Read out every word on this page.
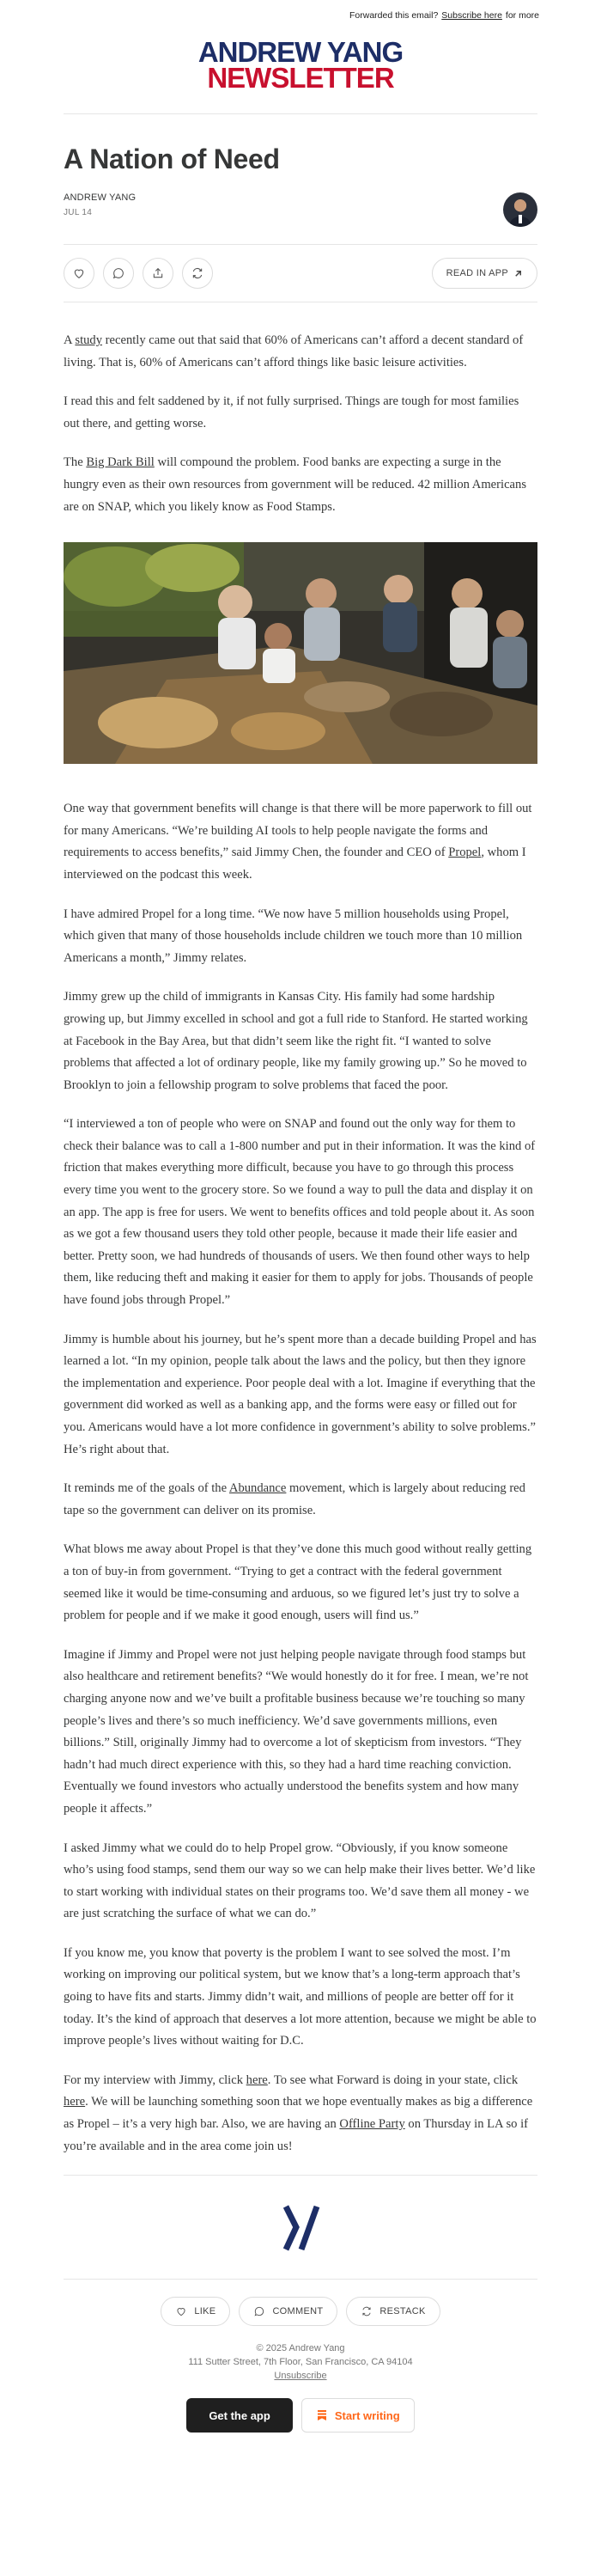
Forwarded this email? Subscribe here for more
ANDREW YANG
NEWSLETTER
A Nation of Need
ANDREW YANG
JUL 14
READ IN APP

A study recently came out that said that 60% of Americans can’t afford a decent standard of living. That is, 60% of Americans can’t afford things like basic leisure activities.

I read this and felt saddened by it, if not fully surprised. Things are tough for most families out there, and getting worse.

The Big Dark Bill will compound the problem. Food banks are expecting a surge in the hungry even as their own resources from government will be reduced. 42 million Americans are on SNAP, which you likely know as Food Stamps.

One way that government benefits will change is that there will be more paperwork to fill out for many Americans. “We’re building AI tools to help people navigate the forms and requirements to access benefits,” said Jimmy Chen, the founder and CEO of Propel, whom I interviewed on the podcast this week.

I have admired Propel for a long time. “We now have 5 million households using Propel, which given that many of those households include children we touch more than 10 million Americans a month,” Jimmy relates.

Jimmy grew up the child of immigrants in Kansas City. His family had some hardship growing up, but Jimmy excelled in school and got a full ride to Stanford. He started working at Facebook in the Bay Area, but that didn’t seem like the right fit. “I wanted to solve problems that affected a lot of ordinary people, like my family growing up.” So he moved to Brooklyn to join a fellowship program to solve problems that faced the poor.

“I interviewed a ton of people who were on SNAP and found out the only way for them to check their balance was to call a 1-800 number and put in their information. It was the kind of friction that makes everything more difficult, because you have to go through this process every time you went to the grocery store. So we found a way to pull the data and display it on an app. The app is free for users. We went to benefits offices and told people about it. As soon as we got a few thousand users they told other people, because it made their life easier and better. Pretty soon, we had hundreds of thousands of users. We then found other ways to help them, like reducing theft and making it easier for them to apply for jobs. Thousands of people have found jobs through Propel.”

Jimmy is humble about his journey, but he’s spent more than a decade building Propel and has learned a lot. “In my opinion, people talk about the laws and the policy, but then they ignore the implementation and experience. Poor people deal with a lot. Imagine if everything that the government did worked as well as a banking app, and the forms were easy or filled out for you. Americans would have a lot more confidence in government’s ability to solve problems.” He’s right about that.

It reminds me of the goals of the Abundance movement, which is largely about reducing red tape so the government can deliver on its promise.

What blows me away about Propel is that they’ve done this much good without really getting a ton of buy-in from government. “Trying to get a contract with the federal government seemed like it would be time-consuming and arduous, so we figured let’s just try to solve a problem for people and if we make it good enough, users will find us.”

Imagine if Jimmy and Propel were not just helping people navigate through food stamps but also healthcare and retirement benefits? “We would honestly do it for free. I mean, we’re not charging anyone now and we’ve built a profitable business because we’re touching so many people’s lives and there’s so much inefficiency. We’d save governments millions, even billions.” Still, originally Jimmy had to overcome a lot of skepticism from investors. “They hadn’t had much direct experience with this, so they had a hard time reaching conviction. Eventually we found investors who actually understood the benefits system and how many people it affects.”

I asked Jimmy what we could do to help Propel grow. “Obviously, if you know someone who’s using food stamps, send them our way so we can help make their lives better. We’d like to start working with individual states on their programs too. We’d save them all money - we are just scratching the surface of what we can do.”

If you know me, you know that poverty is the problem I want to see solved the most. I’m working on improving our political system, but we know that’s a long-term approach that’s going to have fits and starts. Jimmy didn’t wait, and millions of people are better off for it today. It’s the kind of approach that deserves a lot more attention, because we might be able to improve people’s lives without waiting for D.C.

For my interview with Jimmy, click here. To see what Forward is doing in your state, click here. We will be launching something soon that we hope eventually makes as big a difference as Propel – it’s a very high bar. Also, we are having an Offline Party on Thursday in LA so if you’re available and in the area come join us!

LIKE	COMMENT	RESTACK
© 2025 Andrew Yang
111 Sutter Street, 7th Floor, San Francisco, CA 94104
Unsubscribe
Get the app	Start writing
